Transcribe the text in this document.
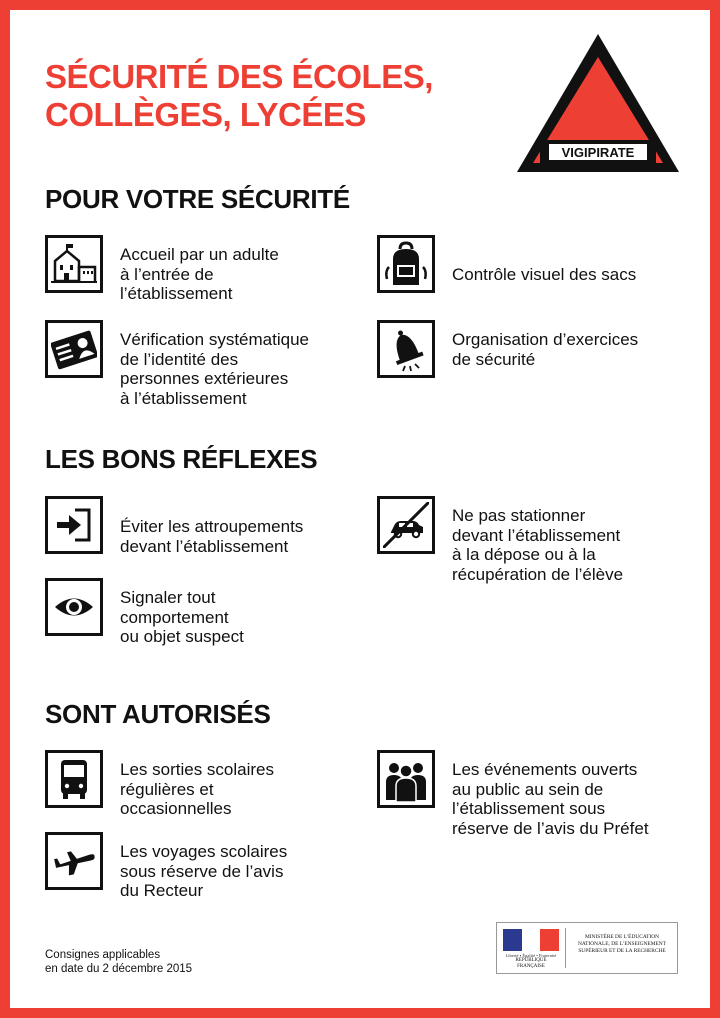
SÉCURITÉ DES ÉCOLES,
COLLÈGES, LYCÉES
VIGIPIRATE
POUR VOTRE SÉCURITÉ

Accueil par un adulte
à l’entrée de
l’établissement

Contrôle visuel des sacs

Vérification systématique
de l’identité des
personnes extérieures
à l’établissement

Organisation d’exercices
de sécurité

LES BONS RÉFLEXES

Éviter les attroupements
devant l’établissement

Ne pas stationner
devant l’établissement
à la dépose ou à la
récupération de l’élève

Signaler tout
comportement
ou objet suspect

SONT AUTORISÉS

Les sorties scolaires
régulières et
occasionnelles

Les événements ouverts
au public au sein de
l’établissement sous
réserve de l’avis du Préfet

Les voyages scolaires
sous réserve de l’avis
du Recteur

Consignes applicables
en date du 2 décembre 2015
Liberté • Égalité • Fraternité
RÉPUBLIQUE FRANÇAISE
MINISTÈRE DE L’ÉDUCATION
NATIONALE, DE L’ENSEIGNEMENT
SUPÉRIEUR ET DE LA RECHERCHE
